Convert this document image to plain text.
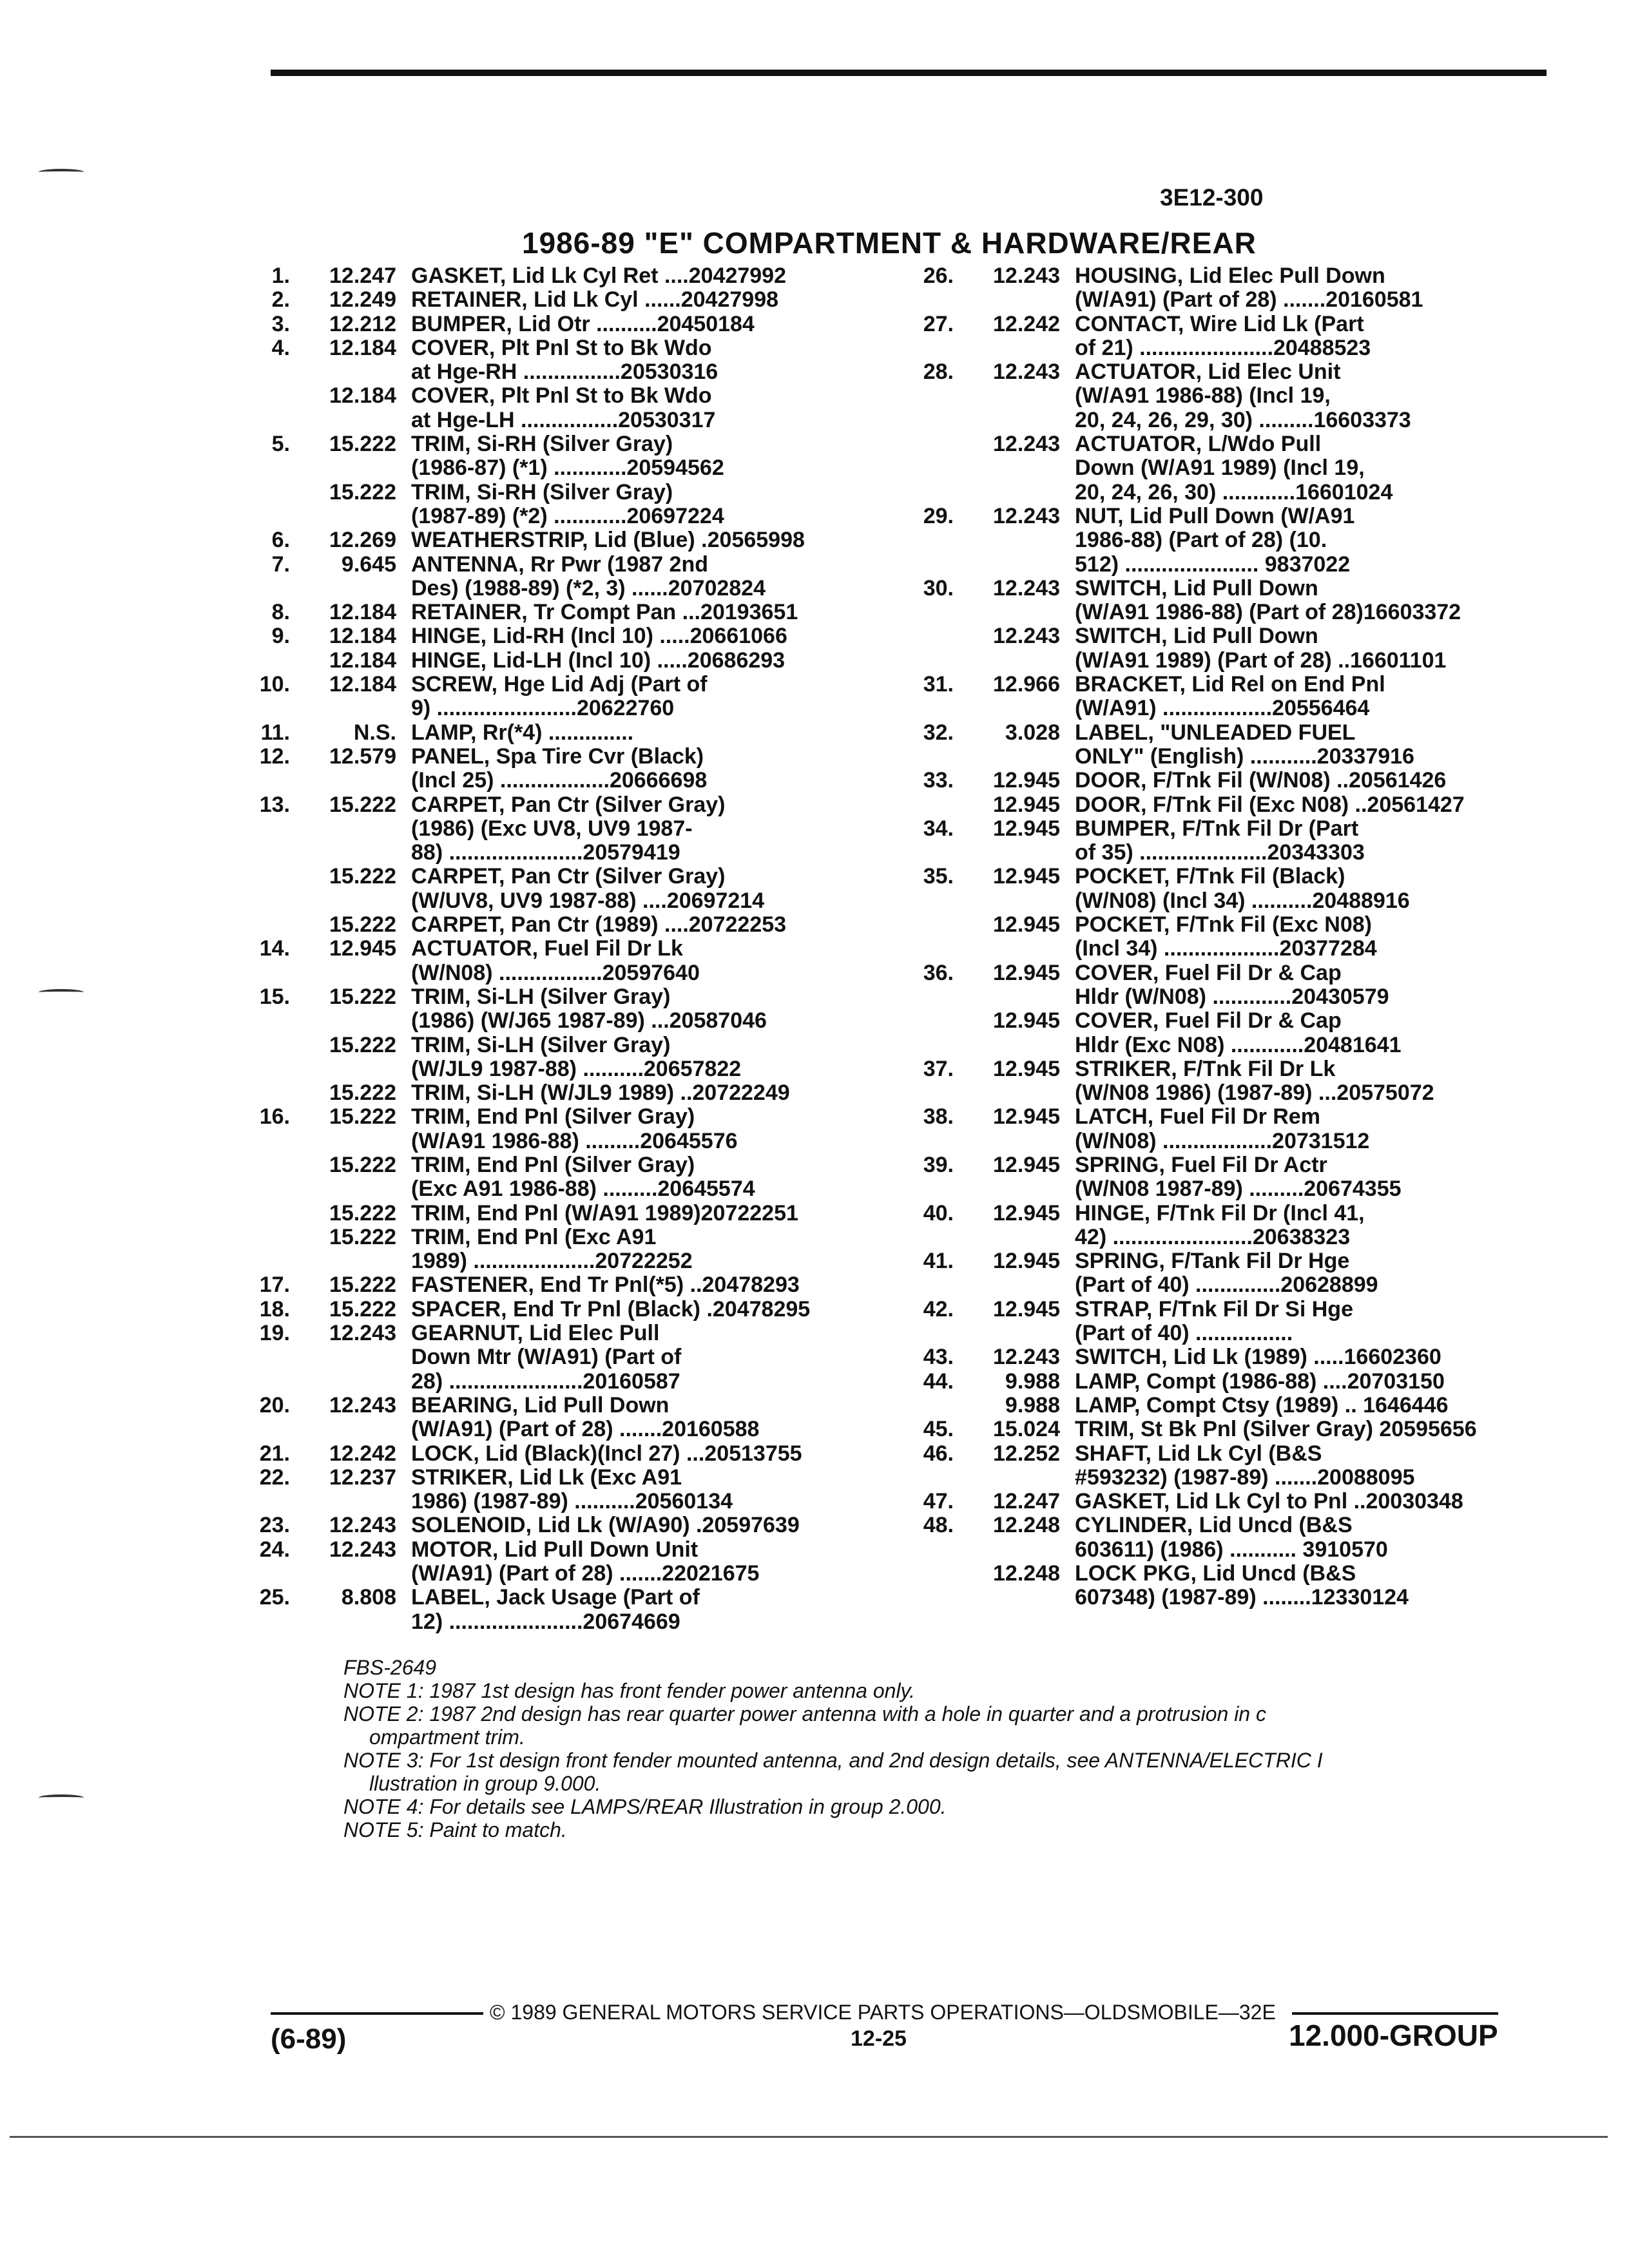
3E12-300
1986-89 "E" COMPARTMENT & HARDWARE/REAR
1.	12.247 GASKET, Lid Lk Cyl Ret ....20427992
2.	12.249 RETAINER, Lid Lk Cyl ......20427998
3.	12.212 BUMPER, Lid Otr ..........20450184
4.	12.184 COVER, Plt Pnl St to Bk Wdo
at Hge-RH ................20530316
12.184 COVER, Plt Pnl St to Bk Wdo
at Hge-LH ................20530317
5.	15.222 TRIM, Si-RH (Silver Gray)
(1986-87) (*1) ............20594562
15.222 TRIM, Si-RH (Silver Gray)
(1987-89) (*2) ............20697224
6.	12.269 WEATHERSTRIP, Lid (Blue) .20565998
7.	9.645 ANTENNA, Rr Pwr (1987 2nd
Des) (1988-89) (*2, 3) ......20702824
8.	12.184 RETAINER, Tr Compt Pan ...20193651
9.	12.184 HINGE, Lid-RH (Incl 10) .....20661066
12.184 HINGE, Lid-LH (Incl 10) .....20686293
10.	12.184 SCREW, Hge Lid Adj (Part of
9) .......................20622760
11.	N.S. LAMP, Rr(*4) ..............
12.	12.579 PANEL, Spa Tire Cvr (Black)
(Incl 25) ..................20666698
13.	15.222 CARPET, Pan Ctr (Silver Gray)
(1986) (Exc UV8, UV9 1987-
88) ......................20579419
15.222 CARPET, Pan Ctr (Silver Gray)
(W/UV8, UV9 1987-88) ....20697214
15.222 CARPET, Pan Ctr (1989) ....20722253
14.	12.945 ACTUATOR, Fuel Fil Dr Lk
(W/N08) .................20597640
15.	15.222 TRIM, Si-LH (Silver Gray)
(1986) (W/J65 1987-89) ...20587046
15.222 TRIM, Si-LH (Silver Gray)
(W/JL9 1987-88) ..........20657822
15.222 TRIM, Si-LH (W/JL9 1989) ..20722249
16.	15.222 TRIM, End Pnl (Silver Gray)
(W/A91 1986-88) .........20645576
15.222 TRIM, End Pnl (Silver Gray)
(Exc A91 1986-88) .........20645574
15.222 TRIM, End Pnl (W/A91 1989)20722251
15.222 TRIM, End Pnl (Exc A91
1989) ....................20722252
17.	15.222 FASTENER, End Tr Pnl(*5) ..20478293
18.	15.222 SPACER, End Tr Pnl (Black) .20478295
19.	12.243 GEARNUT, Lid Elec Pull
Down Mtr (W/A91) (Part of
28) ......................20160587
20.	12.243 BEARING, Lid Pull Down
(W/A91) (Part of 28) .......20160588
21.	12.242 LOCK, Lid (Black)(Incl 27) ...20513755
22.	12.237 STRIKER, Lid Lk (Exc A91
1986) (1987-89) ..........20560134
23.	12.243 SOLENOID, Lid Lk (W/A90) .20597639
24.	12.243 MOTOR, Lid Pull Down Unit
(W/A91) (Part of 28) .......22021675
25.	8.808 LABEL, Jack Usage (Part of
12) ......................20674669
26.	12.243 HOUSING, Lid Elec Pull Down
(W/A91) (Part of 28) .......20160581
27.	12.242 CONTACT, Wire Lid Lk (Part
of 21) ......................20488523
28.	12.243 ACTUATOR, Lid Elec Unit
(W/A91 1986-88) (Incl 19,
20, 24, 26, 29, 30) .........16603373
12.243 ACTUATOR, L/Wdo Pull
Down (W/A91 1989) (Incl 19,
20, 24, 26, 30) ............16601024
29.	12.243 NUT, Lid Pull Down (W/A91
1986-88) (Part of 28) (10.
512) ...................... 9837022
30.	12.243 SWITCH, Lid Pull Down
(W/A91 1986-88) (Part of 28)16603372
12.243 SWITCH, Lid Pull Down
(W/A91 1989) (Part of 28) ..16601101
31.	12.966 BRACKET, Lid Rel on End Pnl
(W/A91) ..................20556464
32.	3.028 LABEL, "UNLEADED FUEL
ONLY" (English) ...........20337916
33.	12.945 DOOR, F/Tnk Fil (W/N08) ..20561426
12.945 DOOR, F/Tnk Fil (Exc N08) ..20561427
34.	12.945 BUMPER, F/Tnk Fil Dr (Part
of 35) .....................20343303
35.	12.945 POCKET, F/Tnk Fil (Black)
(W/N08) (Incl 34) ..........20488916
12.945 POCKET, F/Tnk Fil (Exc N08)
(Incl 34) ...................20377284
36.	12.945 COVER, Fuel Fil Dr & Cap
Hldr (W/N08) .............20430579
12.945 COVER, Fuel Fil Dr & Cap
Hldr (Exc N08) ............20481641
37.	12.945 STRIKER, F/Tnk Fil Dr Lk
(W/N08 1986) (1987-89) ...20575072
38.	12.945 LATCH, Fuel Fil Dr Rem
(W/N08) ..................20731512
39.	12.945 SPRING, Fuel Fil Dr Actr
(W/N08 1987-89) .........20674355
40.	12.945 HINGE, F/Tnk Fil Dr (Incl 41,
42) .......................20638323
41.	12.945 SPRING, F/Tank Fil Dr Hge
(Part of 40) ..............20628899
42.	12.945 STRAP, F/Tnk Fil Dr Si Hge
(Part of 40) ................
43.	12.243 SWITCH, Lid Lk (1989) .....16602360
44.	9.988 LAMP, Compt (1986-88) ....20703150
9.988 LAMP, Compt Ctsy (1989) .. 1646446
45.	15.024 TRIM, St Bk Pnl (Silver Gray) 20595656
46.	12.252 SHAFT, Lid Lk Cyl (B&S
#593232) (1987-89) .......20088095
47.	12.247 GASKET, Lid Lk Cyl to Pnl ..20030348
48.	12.248 CYLINDER, Lid Uncd (B&S
603611) (1986) ........... 3910570
12.248 LOCK PKG, Lid Uncd (B&S
607348) (1987-89) ........12330124
FBS-2649
NOTE 1: 1987 1st design has front fender power antenna only.
NOTE 2: 1987 2nd design has rear quarter power antenna with a hole in quarter and a protrusion in c
ompartment trim.
NOTE 3: For 1st design front fender mounted antenna, and 2nd design details, see ANTENNA/ELECTRIC I
llustration in group 9.000.
NOTE 4: For details see LAMPS/REAR Illustration in group 2.000.
NOTE 5: Paint to match.
(6-89)
© 1989 GENERAL MOTORS SERVICE PARTS OPERATIONS—OLDSMOBILE—32E
12-25	12.000-GROUP
